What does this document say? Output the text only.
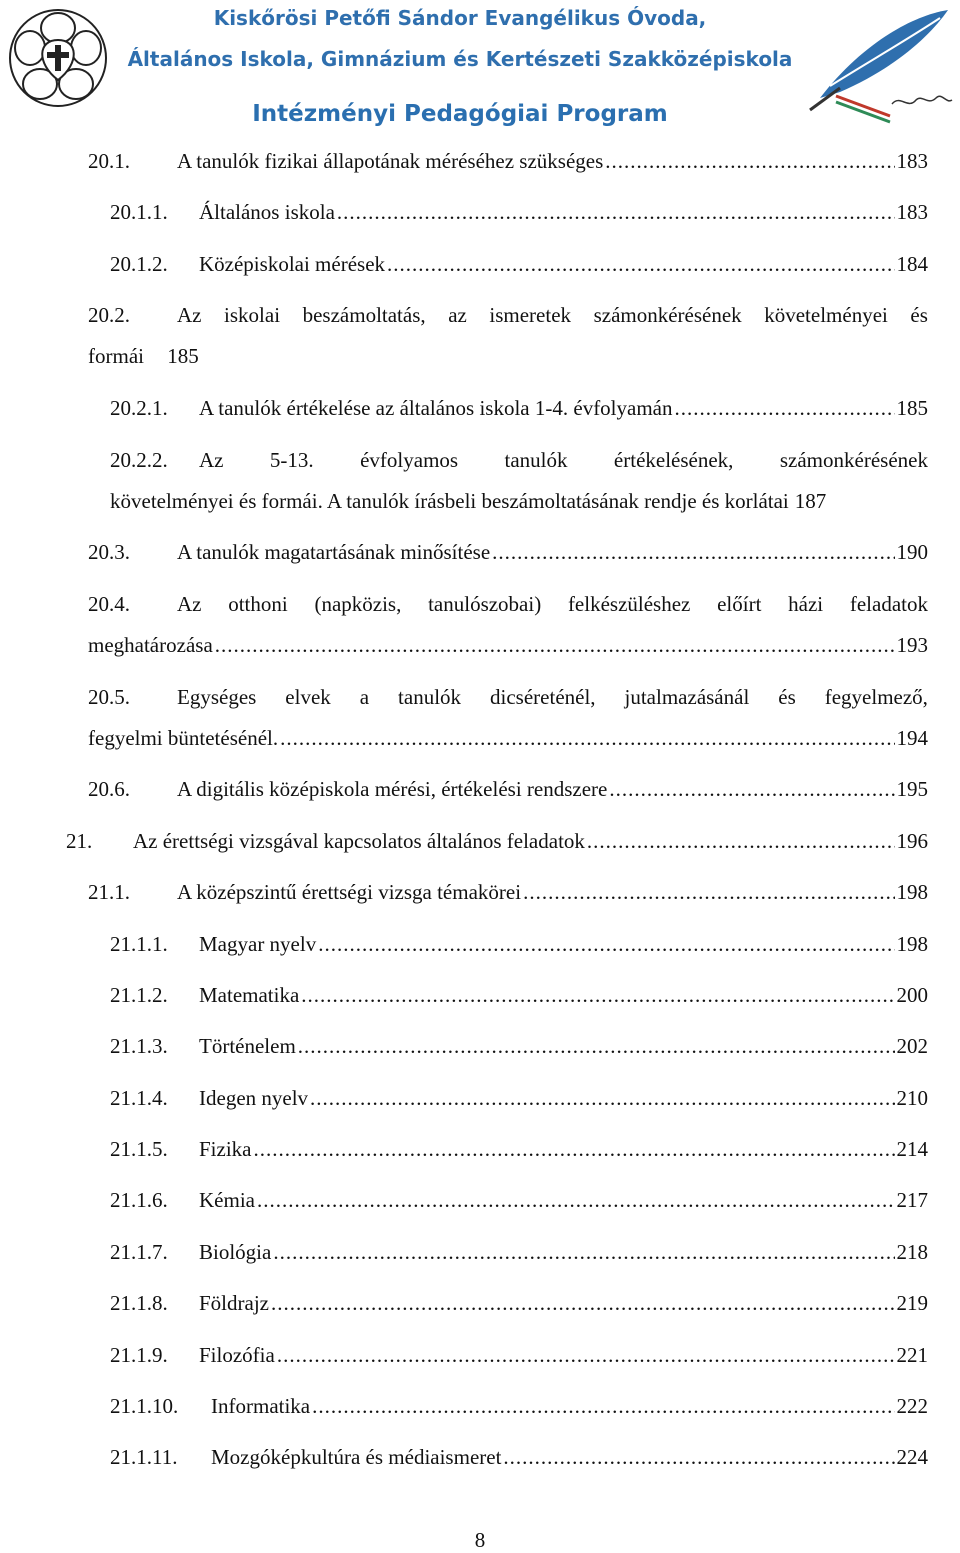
Kiskőrösi Petőfi Sándor Evangélikus Óvoda,
Általános Iskola, Gimnázium és Kertészeti Szakközépiskola
Intézményi Pedagógiai Program
20.1.	A tanulók fizikai állapotának méréséhez szükséges .....	183
20.1.1.	Általános iskola .....	183
20.1.2.	Középiskolai mérések .....	184
20.2.	Az iskolai beszámoltatás, az ismeretek számonkérésének követelményei és
formái 185
20.2.1.	A tanulók értékelése az általános iskola 1-4. évfolyamán .....	185
20.2.2.	Az 5-13. évfolyamos tanulók értékelésének, számonkérésének
követelményei és formái. A tanulók írásbeli beszámoltatásának rendje és korlátai 187
20.3.	A tanulók magatartásának minősítése .....	190
20.4.	Az otthoni (napközis, tanulószobai) felkészüléshez előírt házi feladatok
meghatározása .....	193
20.5.	Egységes elvek a tanulók dicséreténél, jutalmazásánál és fegyelmező,
fegyelmi büntetésénél. .....	194
20.6.	A digitális középiskola mérési, értékelési rendszere .....	195
21.	Az érettségi vizsgával kapcsolatos általános feladatok .....	196
21.1.	A középszintű érettségi vizsga témakörei .....	198
21.1.1.	Magyar nyelv .....	198
21.1.2.	Matematika .....	200
21.1.3.	Történelem .....	202
21.1.4.	Idegen nyelv .....	210
21.1.5.	Fizika .....	214
21.1.6.	Kémia .....	217
21.1.7.	Biológia .....	218
21.1.8.	Földrajz .....	219
21.1.9.	Filozófia .....	221
21.1.10.	Informatika .....	222
21.1.11.	Mozgóképkultúra és médiaismeret .....	224
8
